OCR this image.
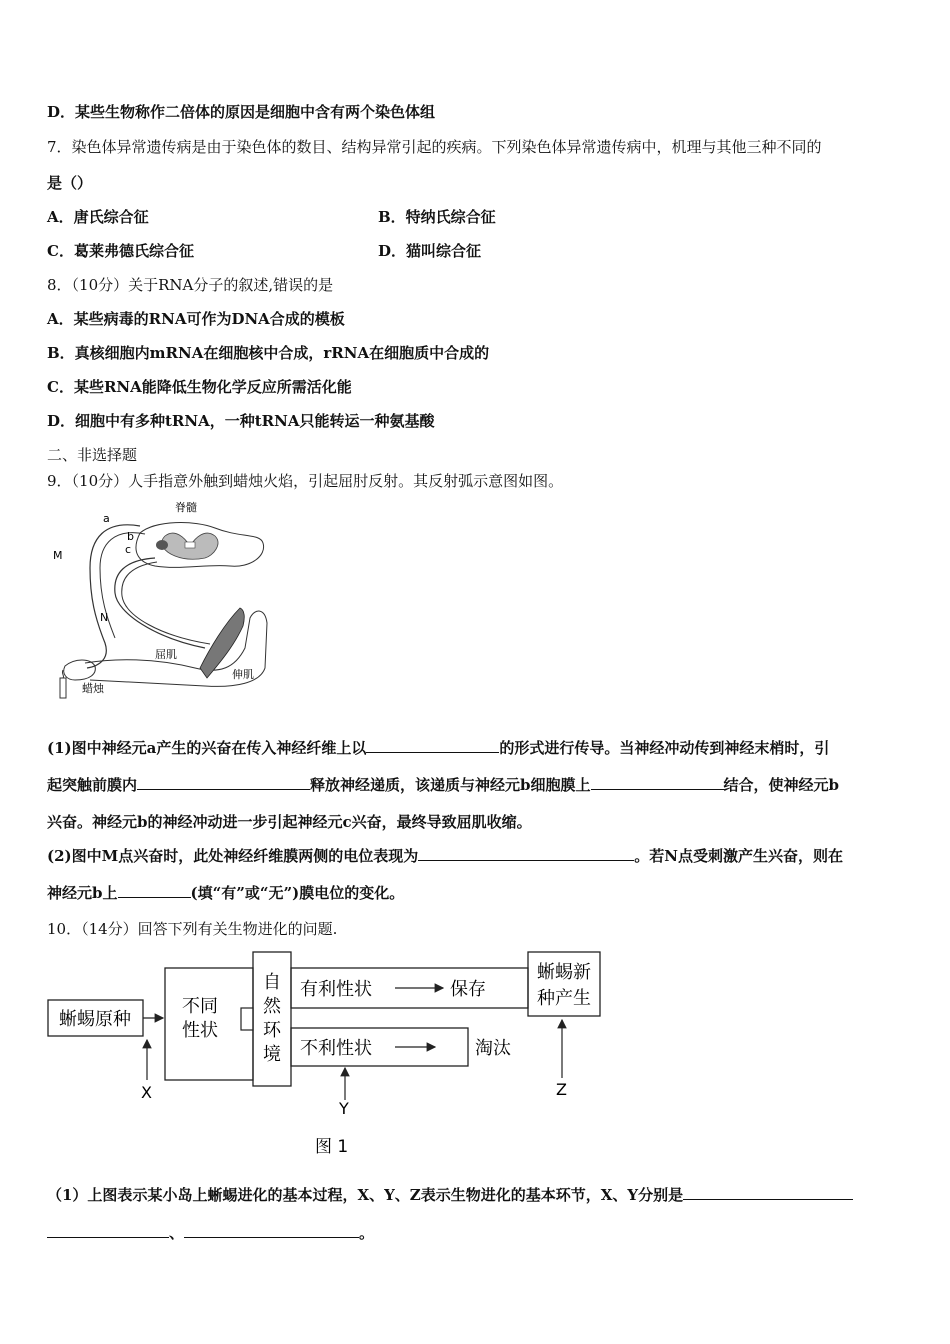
D．某些生物称作二倍体的原因是细胞中含有两个染色体组
7．染色体异常遗传病是由于染色体的数目、结构异常引起的疾病。下列染色体异常遗传病中，机理与其他三种不同的
是（）
A．唐氏综合征	B．特纳氏综合征
C．葛莱弗德氏综合征	D．猫叫综合征
8．（10分）关于RNA分子的叙述,错误的是
A．某些病毒的RNA可作为DNA合成的模板
B．真核细胞内mRNA在细胞核中合成，rRNA在细胞质中合成的
C．某些RNA能降低生物化学反应所需活化能
D．细胞中有多种tRNA，一种tRNA只能转运一种氨基酸
二、非选择题
9．（10分）人手指意外触到蜡烛火焰，引起屈肘反射。其反射弧示意图如图。
脊髓
a
b
c
M
N
屈肌
伸肌
蜡烛
(1)图中神经元a产生的兴奋在传入神经纤维上以	的形式进行传导。当神经冲动传到神经末梢时，引
起突触前膜内	释放神经递质，该递质与神经元b细胞膜上	结合，使神经元b
兴奋。神经元b的神经冲动进一步引起神经元c兴奋，最终导致屈肌收缩。
(2)图中M点兴奋时，此处神经纤维膜两侧的电位表现为	。若N点受刺激产生兴奋，则在
神经元b上	(填“有”或“无”)膜电位的变化。
10．（14分）回答下列有关生物进化的问题.
蜥蜴原种
不同
性状
自
然
环
境
有利性状	保存
蜥蜴新
种产生
不利性状	淘汰
X
Y
Z
图 1
（1）上图表示某小岛上蜥蜴进化的基本过程，X、Y、Z表示生物进化的基本环节，X、Y分别是
、	。
